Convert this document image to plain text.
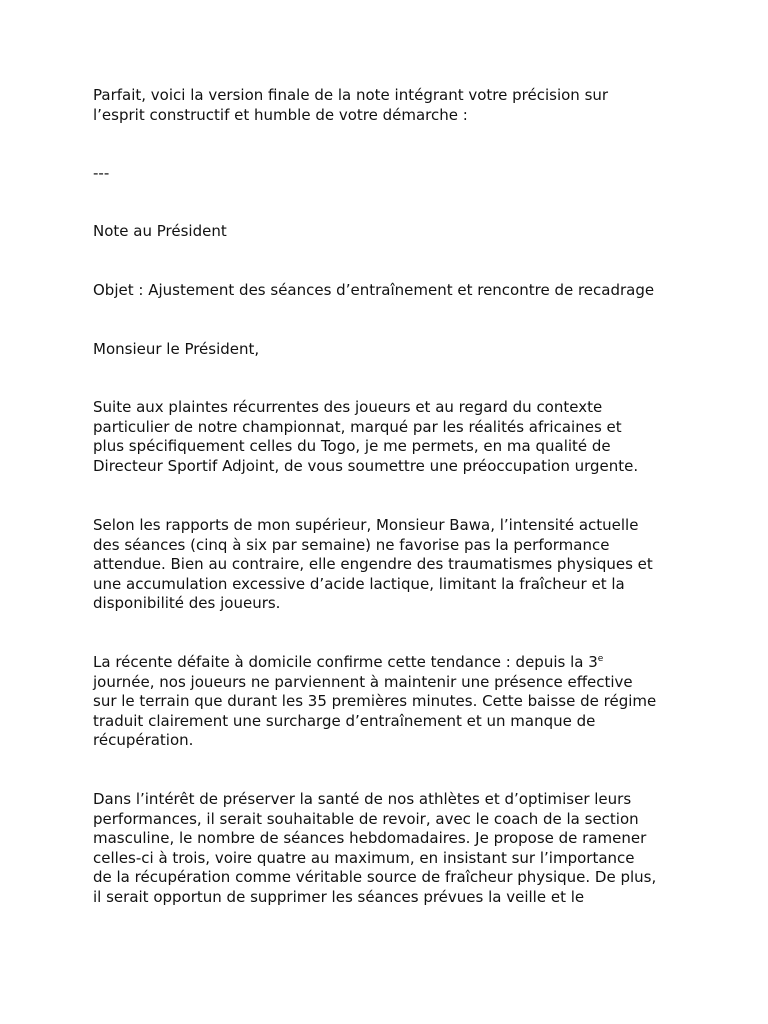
Parfait, voici la version finale de la note intégrant votre précision sur
l’esprit constructif et humble de votre démarche :
---
Note au Président
Objet : Ajustement des séances d’entraînement et rencontre de recadrage
Monsieur le Président,
Suite aux plaintes récurrentes des joueurs et au regard du contexte
particulier de notre championnat, marqué par les réalités africaines et
plus spécifiquement celles du Togo, je me permets, en ma qualité de
Directeur Sportif Adjoint, de vous soumettre une préoccupation urgente.
Selon les rapports de mon supérieur, Monsieur Bawa, l’intensité actuelle
des séances (cinq à six par semaine) ne favorise pas la performance
attendue. Bien au contraire, elle engendre des traumatismes physiques et
une accumulation excessive d’acide lactique, limitant la fraîcheur et la
disponibilité des joueurs.
La récente défaite à domicile confirme cette tendance : depuis la 3e
journée, nos joueurs ne parviennent à maintenir une présence effective
sur le terrain que durant les 35 premières minutes. Cette baisse de régime
traduit clairement une surcharge d’entraînement et un manque de
récupération.
Dans l’intérêt de préserver la santé de nos athlètes et d’optimiser leurs
performances, il serait souhaitable de revoir, avec le coach de la section
masculine, le nombre de séances hebdomadaires. Je propose de ramener
celles-ci à trois, voire quatre au maximum, en insistant sur l’importance
de la récupération comme véritable source de fraîcheur physique. De plus,
il serait opportun de supprimer les séances prévues la veille et le
